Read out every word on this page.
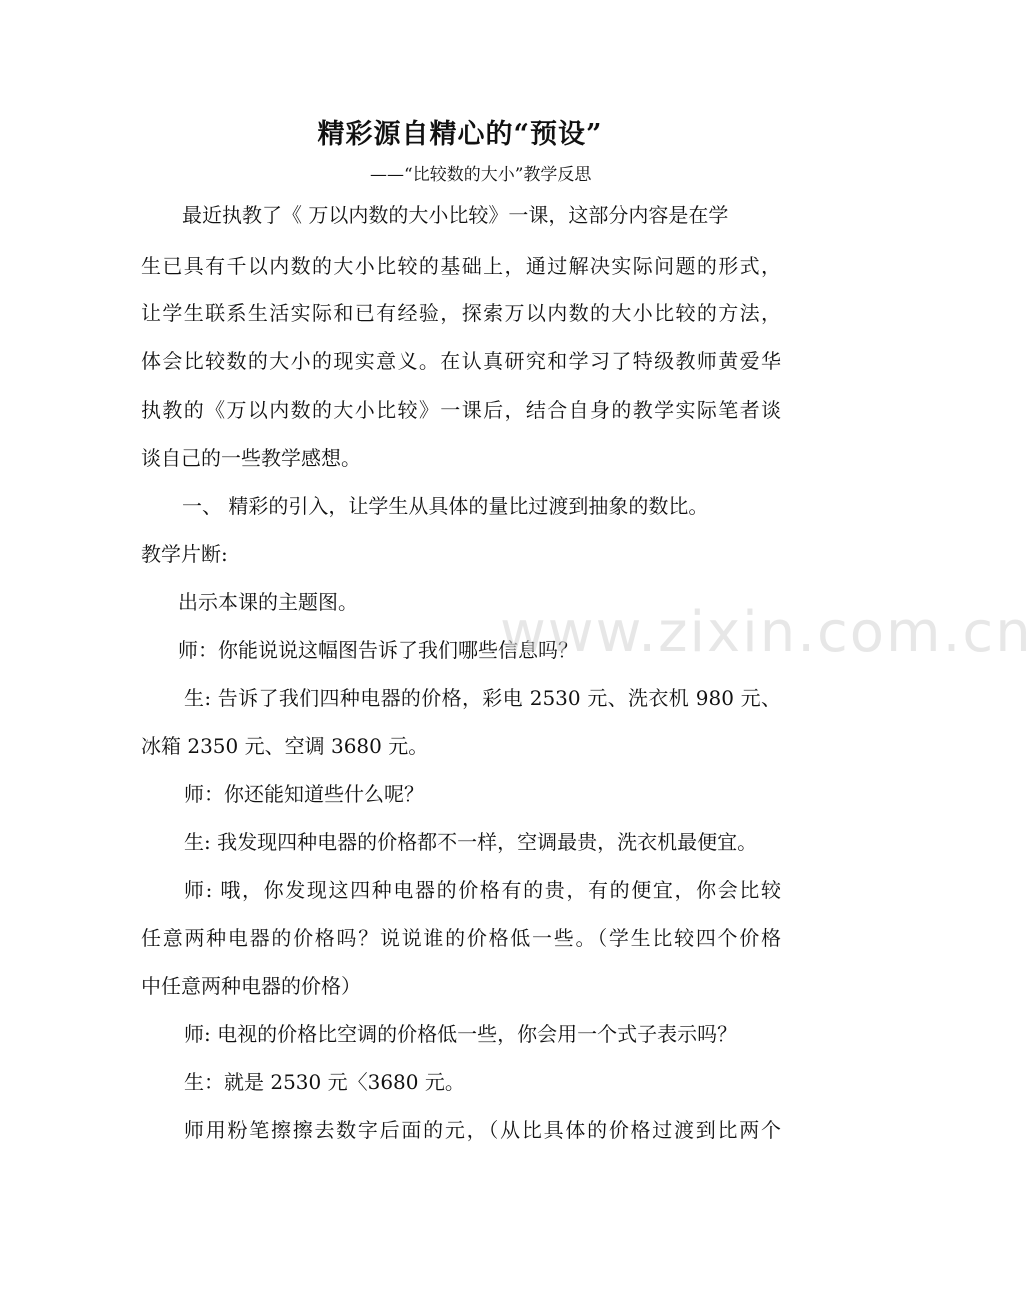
精彩源自精心的“预设”
——“比较数的大小”教学反思
最近执教了《 万以内数的大小比较》一课，这部分内容是在学
生已具有千以内数的大小比较的基础上，通过解决实际问题的形式，
让学生联系生活实际和已有经验，探索万以内数的大小比较的方法，
体会比较数的大小的现实意义。在认真研究和学习了特级教师黄爱华
执教的《万以内数的大小比较》一课后，结合自身的教学实际笔者谈
谈自己的一些教学感想。
一、 精彩的引入，让学生从具体的量比过渡到抽象的数比。
教学片断:
出示本课的主题图。
师：你能说说这幅图告诉了我们哪些信息吗？
生: 告诉了我们四种电器的价格，彩电 2530 元、洗衣机 980 元、
冰箱 2350 元、空调 3680 元。
师：你还能知道些什么呢？
生: 我发现四种电器的价格都不一样，空调最贵，洗衣机最便宜。
师: 哦，你发现这四种电器的价格有的贵，有的便宜，你会比较
任意两种电器的价格吗？说说谁的价格低一些。（学生比较四个价格
中任意两种电器的价格）
师: 电视的价格比空调的价格低一些，你会用一个式子表示吗？
生：就是 2530 元〈3680 元。
师用粉笔擦擦去数字后面的元，（从比具体的价格过渡到比两个
www.zixin.com.cn
